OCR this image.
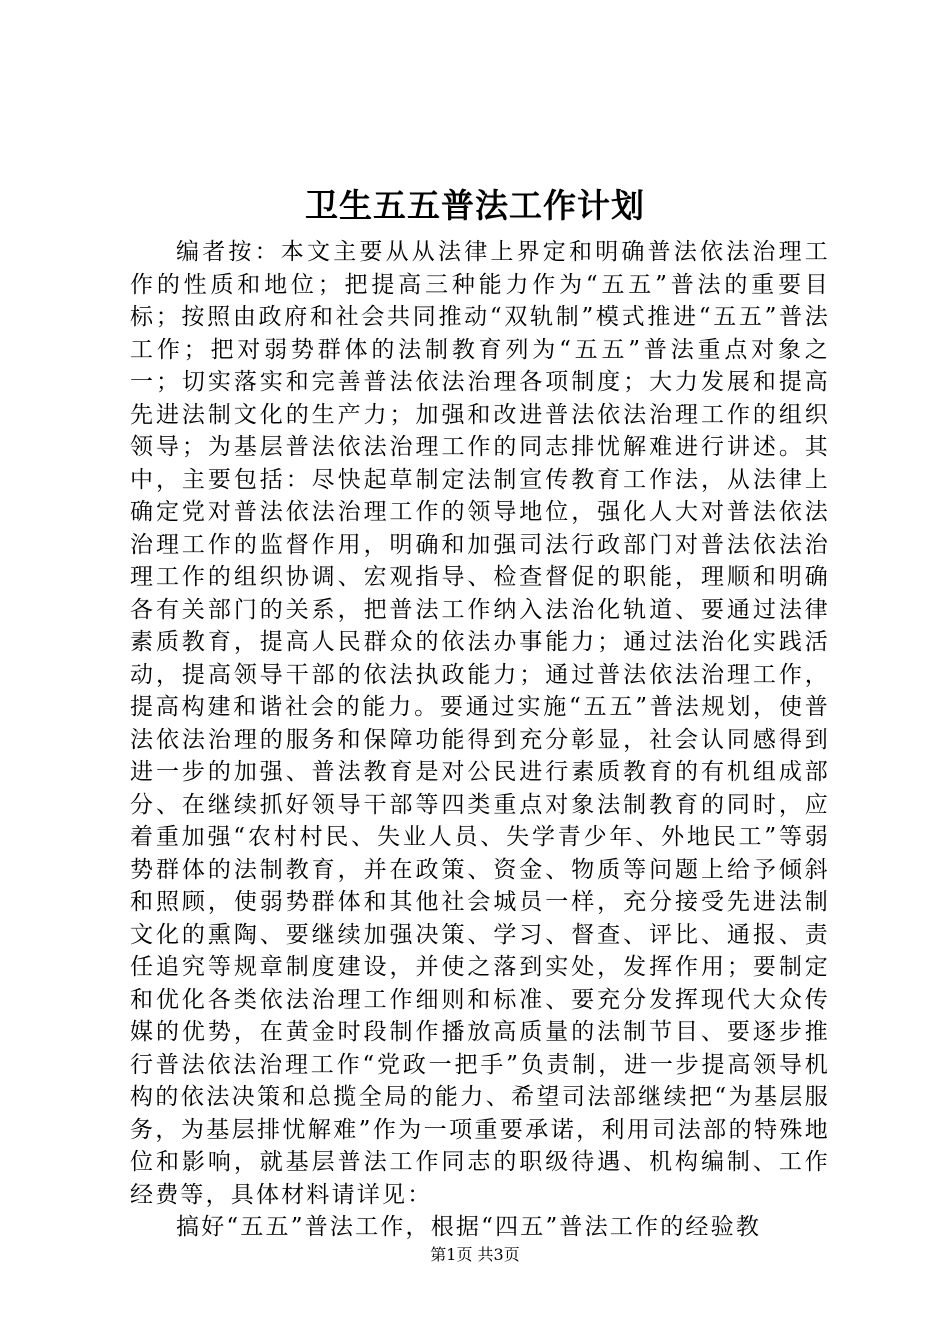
卫生五五普法工作计划

编者按：本文主要从从法律上界定和明确普法依法治理工作的性质和地位；把提高三种能力作为“五五”普法的重要目标；按照由政府和社会共同推动“双轨制”模式推进“五五”普法工作；把对弱势群体的法制教育列为“五五”普法重点对象之一；切实落实和完善普法依法治理各项制度；大力发展和提高先进法制文化的生产力；加强和改进普法依法治理工作的组织领导；为基层普法依法治理工作的同志排忧解难进行讲述。其中，主要包括：尽快起草制定法制宣传教育工作法，从法律上确定党对普法依法治理工作的领导地位，强化人大对普法依法治理工作的监督作用，明确和加强司法行政部门对普法依法治理工作的组织协调、宏观指导、检查督促的职能，理顺和明确各有关部门的关系，把普法工作纳入法治化轨道、要通过法律素质教育，提高人民群众的依法办事能力；通过法治化实践活动，提高领导干部的依法执政能力；通过普法依法治理工作，提高构建和谐社会的能力。要通过实施“五五”普法规划，使普法依法治理的服务和保障功能得到充分彰显，社会认同感得到进一步的加强、普法教育是对公民进行素质教育的有机组成部分、在继续抓好领导干部等四类重点对象法制教育的同时，应着重加强“农村村民、失业人员、失学青少年、外地民工”等弱势群体的法制教育，并在政策、资金、物质等问题上给予倾斜和照顾，使弱势群体和其他社会城员一样，充分接受先进法制文化的熏陶、要继续加强决策、学习、督查、评比、通报、责任追究等规章制度建设，并使之落到实处，发挥作用；要制定和优化各类依法治理工作细则和标准、要充分发挥现代大众传媒的优势，在黄金时段制作播放高质量的法制节目、要逐步推行普法依法治理工作“党政一把手”负责制，进一步提高领导机构的依法决策和总揽全局的能力、希望司法部继续把“为基层服务，为基层排忧解难”作为一项重要承诺，利用司法部的特殊地位和影响，就基层普法工作同志的职级待遇、机构编制、工作经费等，具体材料请详见：

搞好“五五”普法工作，根据“四五”普法工作的经验教

第1页 共3页
